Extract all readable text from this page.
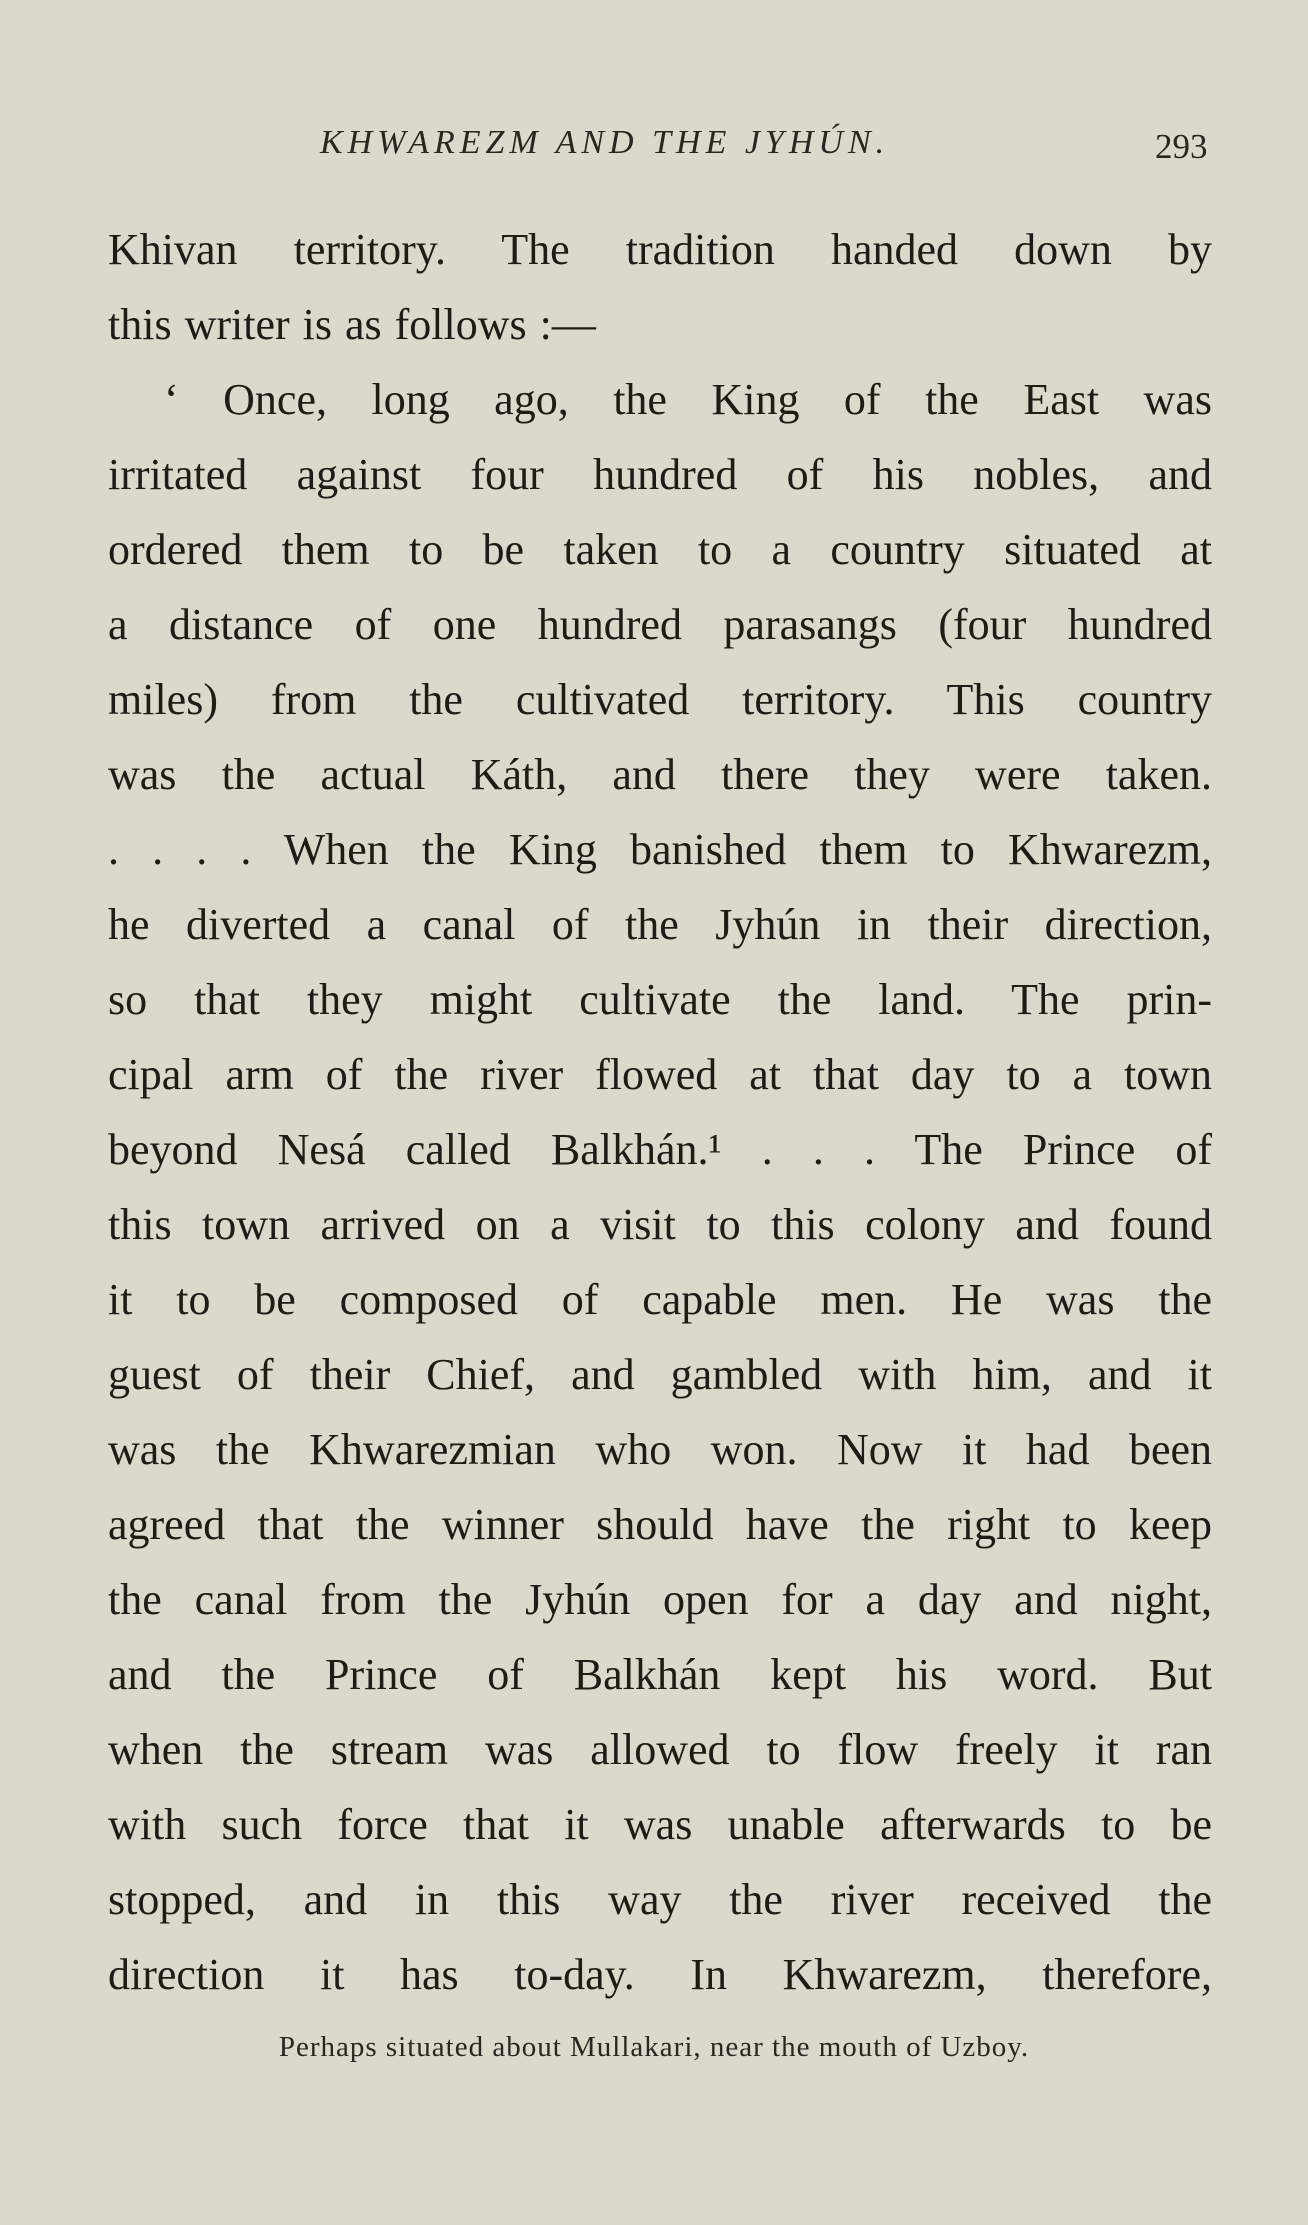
KHWAREZM AND THE JYHÚN.	293
Khivan territory. The tradition handed down by
this writer is as follows :—
‘ Once, long ago, the King of the East was
irritated against four hundred of his nobles, and
ordered them to be taken to a country situated at
a distance of one hundred parasangs (four hundred
miles) from the cultivated territory. This country
was the actual Káth, and there they were taken.
. . . . When the King banished them to Khwarezm,
he diverted a canal of the Jyhún in their direction,
so that they might cultivate the land. The prin-
cipal arm of the river flowed at that day to a town
beyond Nesá called Balkhán.¹ . . . The Prince of
this town arrived on a visit to this colony and found
it to be composed of capable men. He was the
guest of their Chief, and gambled with him, and it
was the Khwarezmian who won. Now it had been
agreed that the winner should have the right to keep
the canal from the Jyhún open for a day and night,
and the Prince of Balkhán kept his word. But
when the stream was allowed to flow freely it ran
with such force that it was unable afterwards to be
stopped, and in this way the river received the
direction it has to-day. In Khwarezm, therefore,
Perhaps situated about Mullakari, near the mouth of Uzboy.
